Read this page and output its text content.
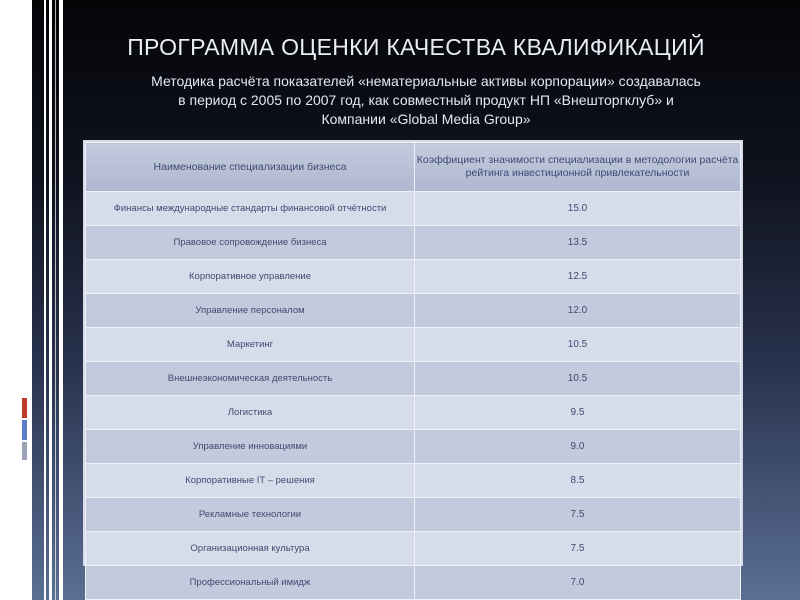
ПРОГРАММА ОЦЕНКИ КАЧЕСТВА КВАЛИФИКАЦИЙ
Методика расчёта показателей «нематериальные активы корпорации» создавалась
в период с 2005 по 2007 год, как совместный продукт НП «Внешторгклуб» и
Компании «Global Media Group»
Наименование специализации бизнеса	Коэффициент значимости специализации в методологии расчёта рейтинга инвестиционной привлекательности
Финансы международные стандарты финансовой отчётности	15.0
Правовое сопровождение бизнеса	13.5
Корпоративное управление	12.5
Управление персоналом	12.0
Маркетинг	10.5
Внешнеэкономическая деятельность	10.5
Логистика	9.5
Управление инновациями	9.0
Корпоративные IT – решения	8.5
Рекламные технологии	7.5
Организационная культура	7.5
Профессиональный имидж	7.0
